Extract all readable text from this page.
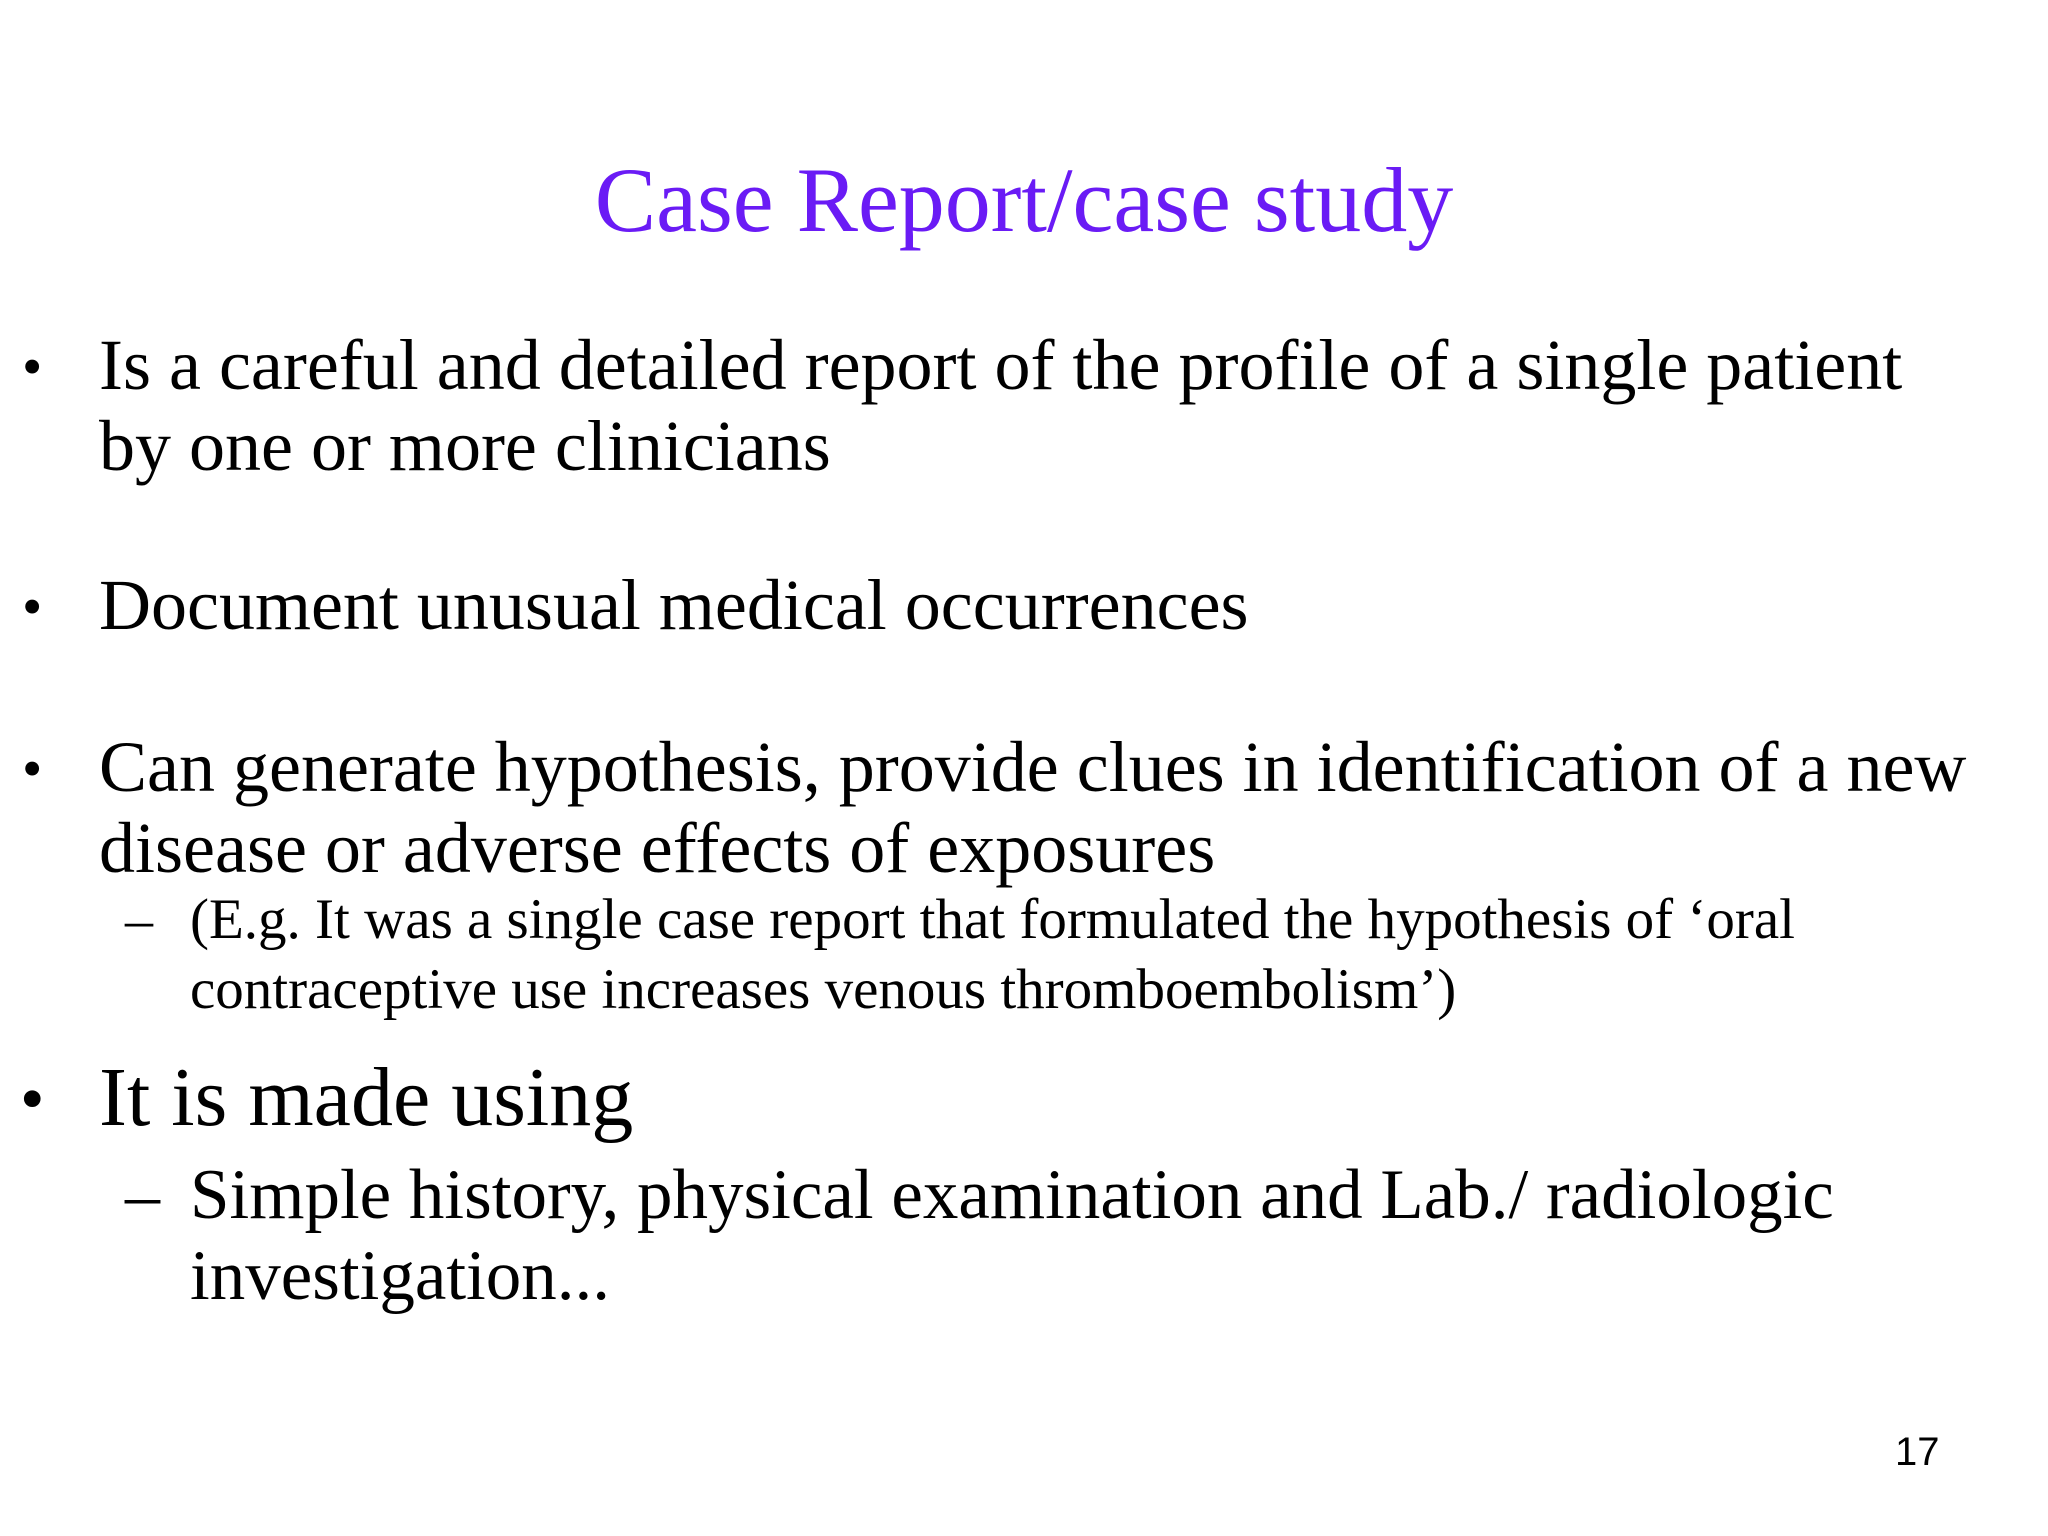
Case Report/case study
• Is a careful and detailed report of the profile of a single patient
by one or more clinicians
• Document unusual medical occurrences
• Can generate hypothesis, provide clues in identification of a new
disease or adverse effects of exposures
– (E.g. It was a single case report that formulated the hypothesis of ‘oral
contraceptive use increases venous thromboembolism’)
• It is made using
– Simple history, physical examination and Lab./ radiologic
investigation...
17
